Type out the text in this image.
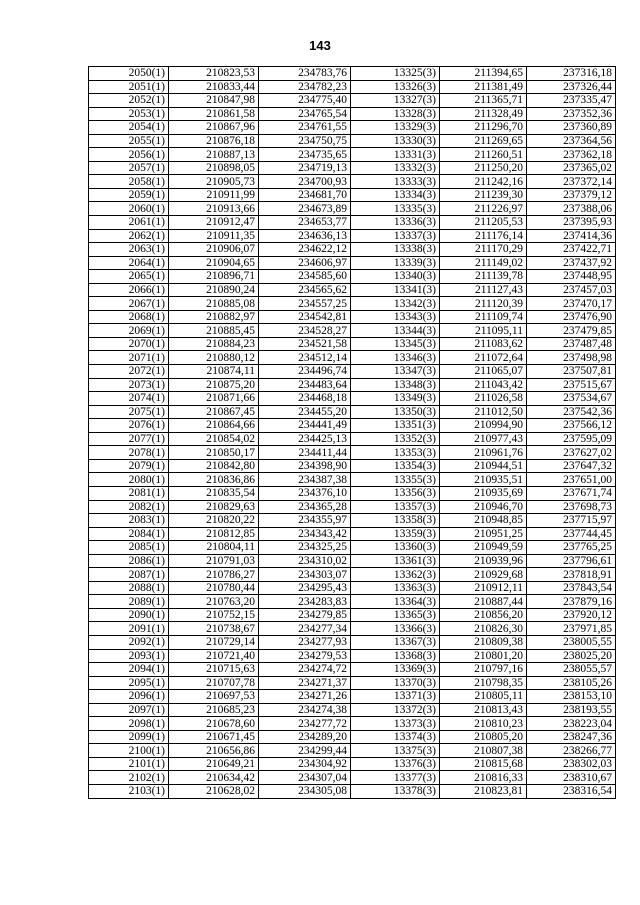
143
2050(1)	210823,53	234783,76	13325(3)	211394,65	237316,18
2051(1)	210833,44	234782,23	13326(3)	211381,49	237326,44
2052(1)	210847,98	234775,40	13327(3)	211365,71	237335,47
2053(1)	210861,58	234765,54	13328(3)	211328,49	237352,36
2054(1)	210867,96	234761,55	13329(3)	211296,70	237360,89
2055(1)	210876,18	234750,75	13330(3)	211269,65	237364,56
2056(1)	210887,13	234735,65	13331(3)	211260,51	237362,18
2057(1)	210898,05	234719,13	13332(3)	211250,20	237365,02
2058(1)	210905,73	234700,93	13333(3)	211242,16	237372,14
2059(1)	210911,99	234681,70	13334(3)	211239,30	237379,12
2060(1)	210913,66	234673,89	13335(3)	211226,97	237388,06
2061(1)	210912,47	234653,77	13336(3)	211205,53	237395,93
2062(1)	210911,35	234636,13	13337(3)	211176,14	237414,36
2063(1)	210906,07	234622,12	13338(3)	211170,29	237422,71
2064(1)	210904,65	234606,97	13339(3)	211149,02	237437,92
2065(1)	210896,71	234585,60	13340(3)	211139,78	237448,95
2066(1)	210890,24	234565,62	13341(3)	211127,43	237457,03
2067(1)	210885,08	234557,25	13342(3)	211120,39	237470,17
2068(1)	210882,97	234542,81	13343(3)	211109,74	237476,90
2069(1)	210885,45	234528,27	13344(3)	211095,11	237479,85
2070(1)	210884,23	234521,58	13345(3)	211083,62	237487,48
2071(1)	210880,12	234512,14	13346(3)	211072,64	237498,98
2072(1)	210874,11	234496,74	13347(3)	211065,07	237507,81
2073(1)	210875,20	234483,64	13348(3)	211043,42	237515,67
2074(1)	210871,66	234468,18	13349(3)	211026,58	237534,67
2075(1)	210867,45	234455,20	13350(3)	211012,50	237542,36
2076(1)	210864,66	234441,49	13351(3)	210994,90	237566,12
2077(1)	210854,02	234425,13	13352(3)	210977,43	237595,09
2078(1)	210850,17	234411,44	13353(3)	210961,76	237627,02
2079(1)	210842,80	234398,90	13354(3)	210944,51	237647,32
2080(1)	210836,86	234387,38	13355(3)	210935,51	237651,00
2081(1)	210835,54	234376,10	13356(3)	210935,69	237671,74
2082(1)	210829,63	234365,28	13357(3)	210946,70	237698,73
2083(1)	210820,22	234355,97	13358(3)	210948,85	237715,97
2084(1)	210812,85	234343,42	13359(3)	210951,25	237744,45
2085(1)	210804,11	234325,25	13360(3)	210949,59	237765,25
2086(1)	210791,03	234310,02	13361(3)	210939,96	237796,61
2087(1)	210786,27	234303,07	13362(3)	210929,68	237818,91
2088(1)	210780,44	234295,43	13363(3)	210912,11	237843,54
2089(1)	210763,20	234283,83	13364(3)	210887,44	237879,16
2090(1)	210752,15	234279,85	13365(3)	210856,20	237920,12
2091(1)	210738,67	234277,34	13366(3)	210826,30	237971,85
2092(1)	210729,14	234277,93	13367(3)	210809,38	238005,55
2093(1)	210721,40	234279,53	13368(3)	210801,20	238025,20
2094(1)	210715,63	234274,72	13369(3)	210797,16	238055,57
2095(1)	210707,78	234271,37	13370(3)	210798,35	238105,26
2096(1)	210697,53	234271,26	13371(3)	210805,11	238153,10
2097(1)	210685,23	234274,38	13372(3)	210813,43	238193,55
2098(1)	210678,60	234277,72	13373(3)	210810,23	238223,04
2099(1)	210671,45	234289,20	13374(3)	210805,20	238247,36
2100(1)	210656,86	234299,44	13375(3)	210807,38	238266,77
2101(1)	210649,21	234304,92	13376(3)	210815,68	238302,03
2102(1)	210634,42	234307,04	13377(3)	210816,33	238310,67
2103(1)	210628,02	234305,08	13378(3)	210823,81	238316,54
